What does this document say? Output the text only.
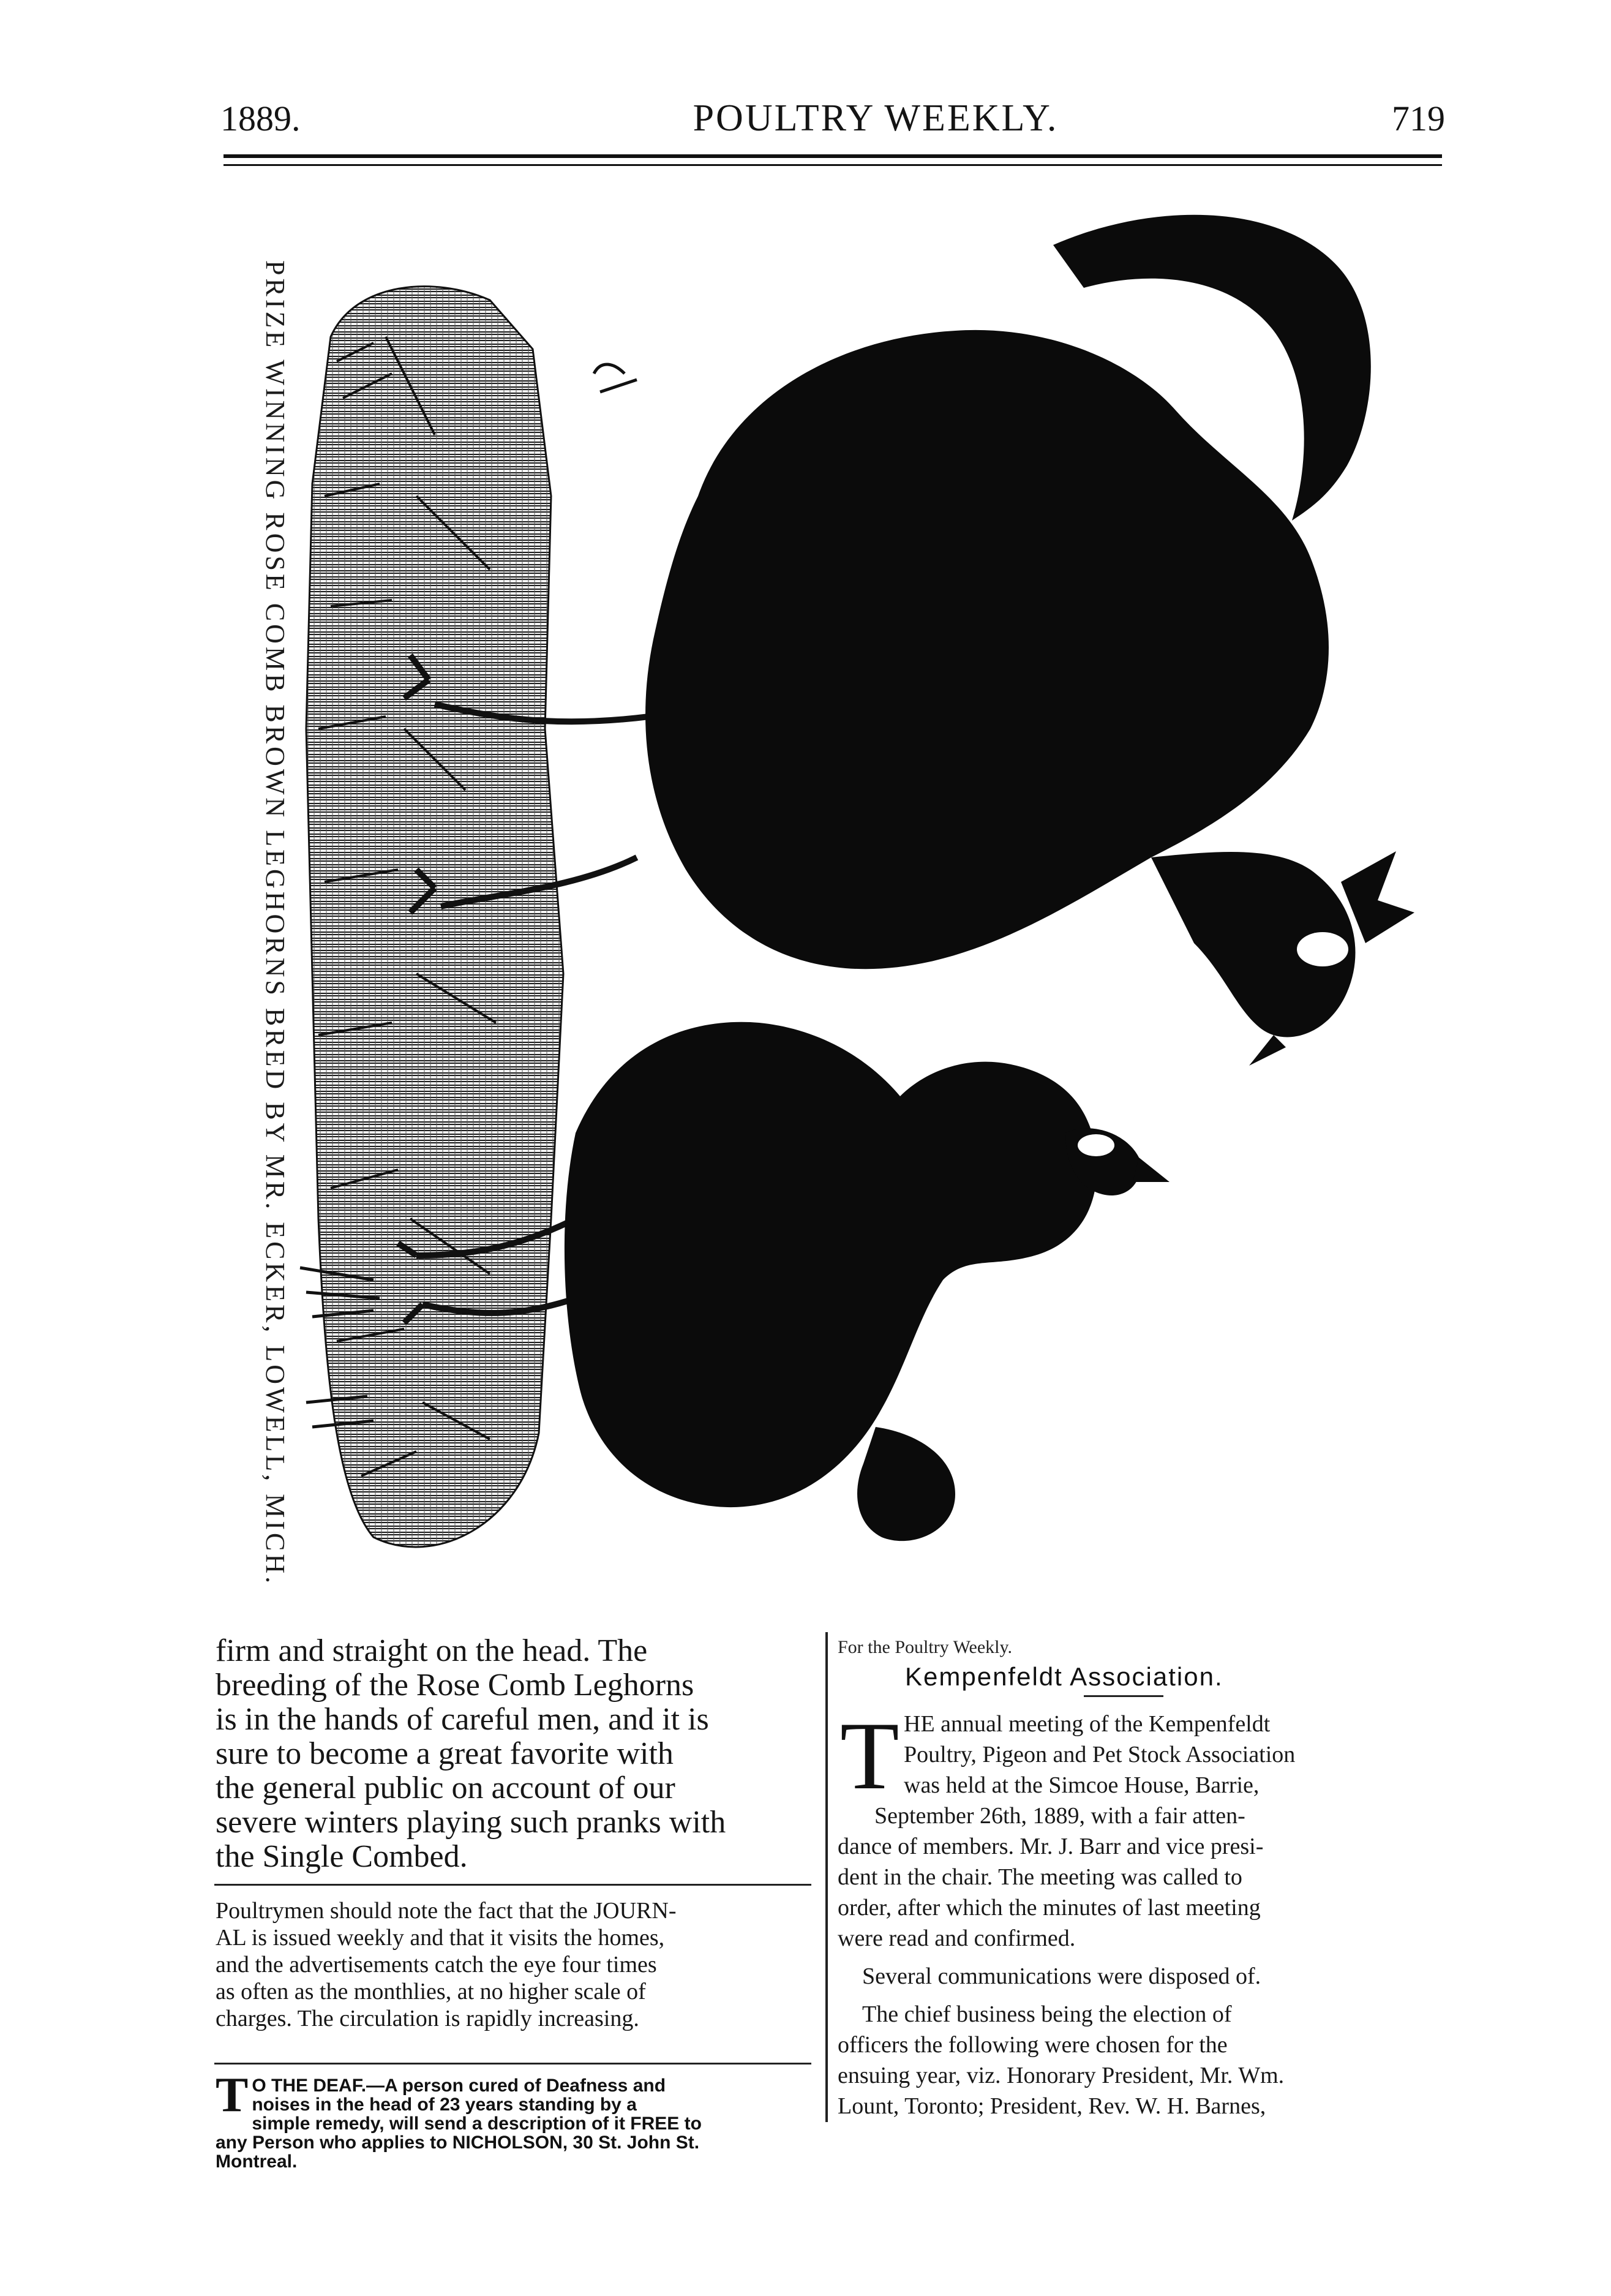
1889.	POULTRY WEEKLY.	719
PRIZE WINNING ROSE COMB BROWN LEGHORNS BRED BY MR. ECKER, LOWELL, MICH.
firm and straight on the head. The
breeding of the Rose Comb Leghorns
is in the hands of careful men, and it is
sure to become a great favorite with
the general public on account of our
severe winters playing such pranks with
the Single Combed.
Poultrymen should note the fact that the JOURN-
AL is issued weekly and that it visits the homes,
and the advertisements catch the eye four times
as often as the monthlies, at no higher scale of
charges. The circulation is rapidly increasing.
T O THE DEAF.—A person cured of Deafness and
noises in the head of 23 years standing by a
simple remedy, will send a description of it FREE to
any Person who applies to NICHOLSON, 30 St. John St.
Montreal.
For the Poultry Weekly.
Kempenfeldt Association.
T HE annual meeting of the Kempenfeldt
Poultry, Pigeon and Pet Stock Association
was held at the Simcoe House, Barrie,
September 26th, 1889, with a fair atten-
dance of members. Mr. J. Barr and vice presi-
dent in the chair. The meeting was called to
order, after which the minutes of last meeting
were read and confirmed.
Several communications were disposed of.
The chief business being the election of
officers the following were chosen for the
ensuing year, viz. Honorary President, Mr. Wm.
Lount, Toronto; President, Rev. W. H. Barnes,
